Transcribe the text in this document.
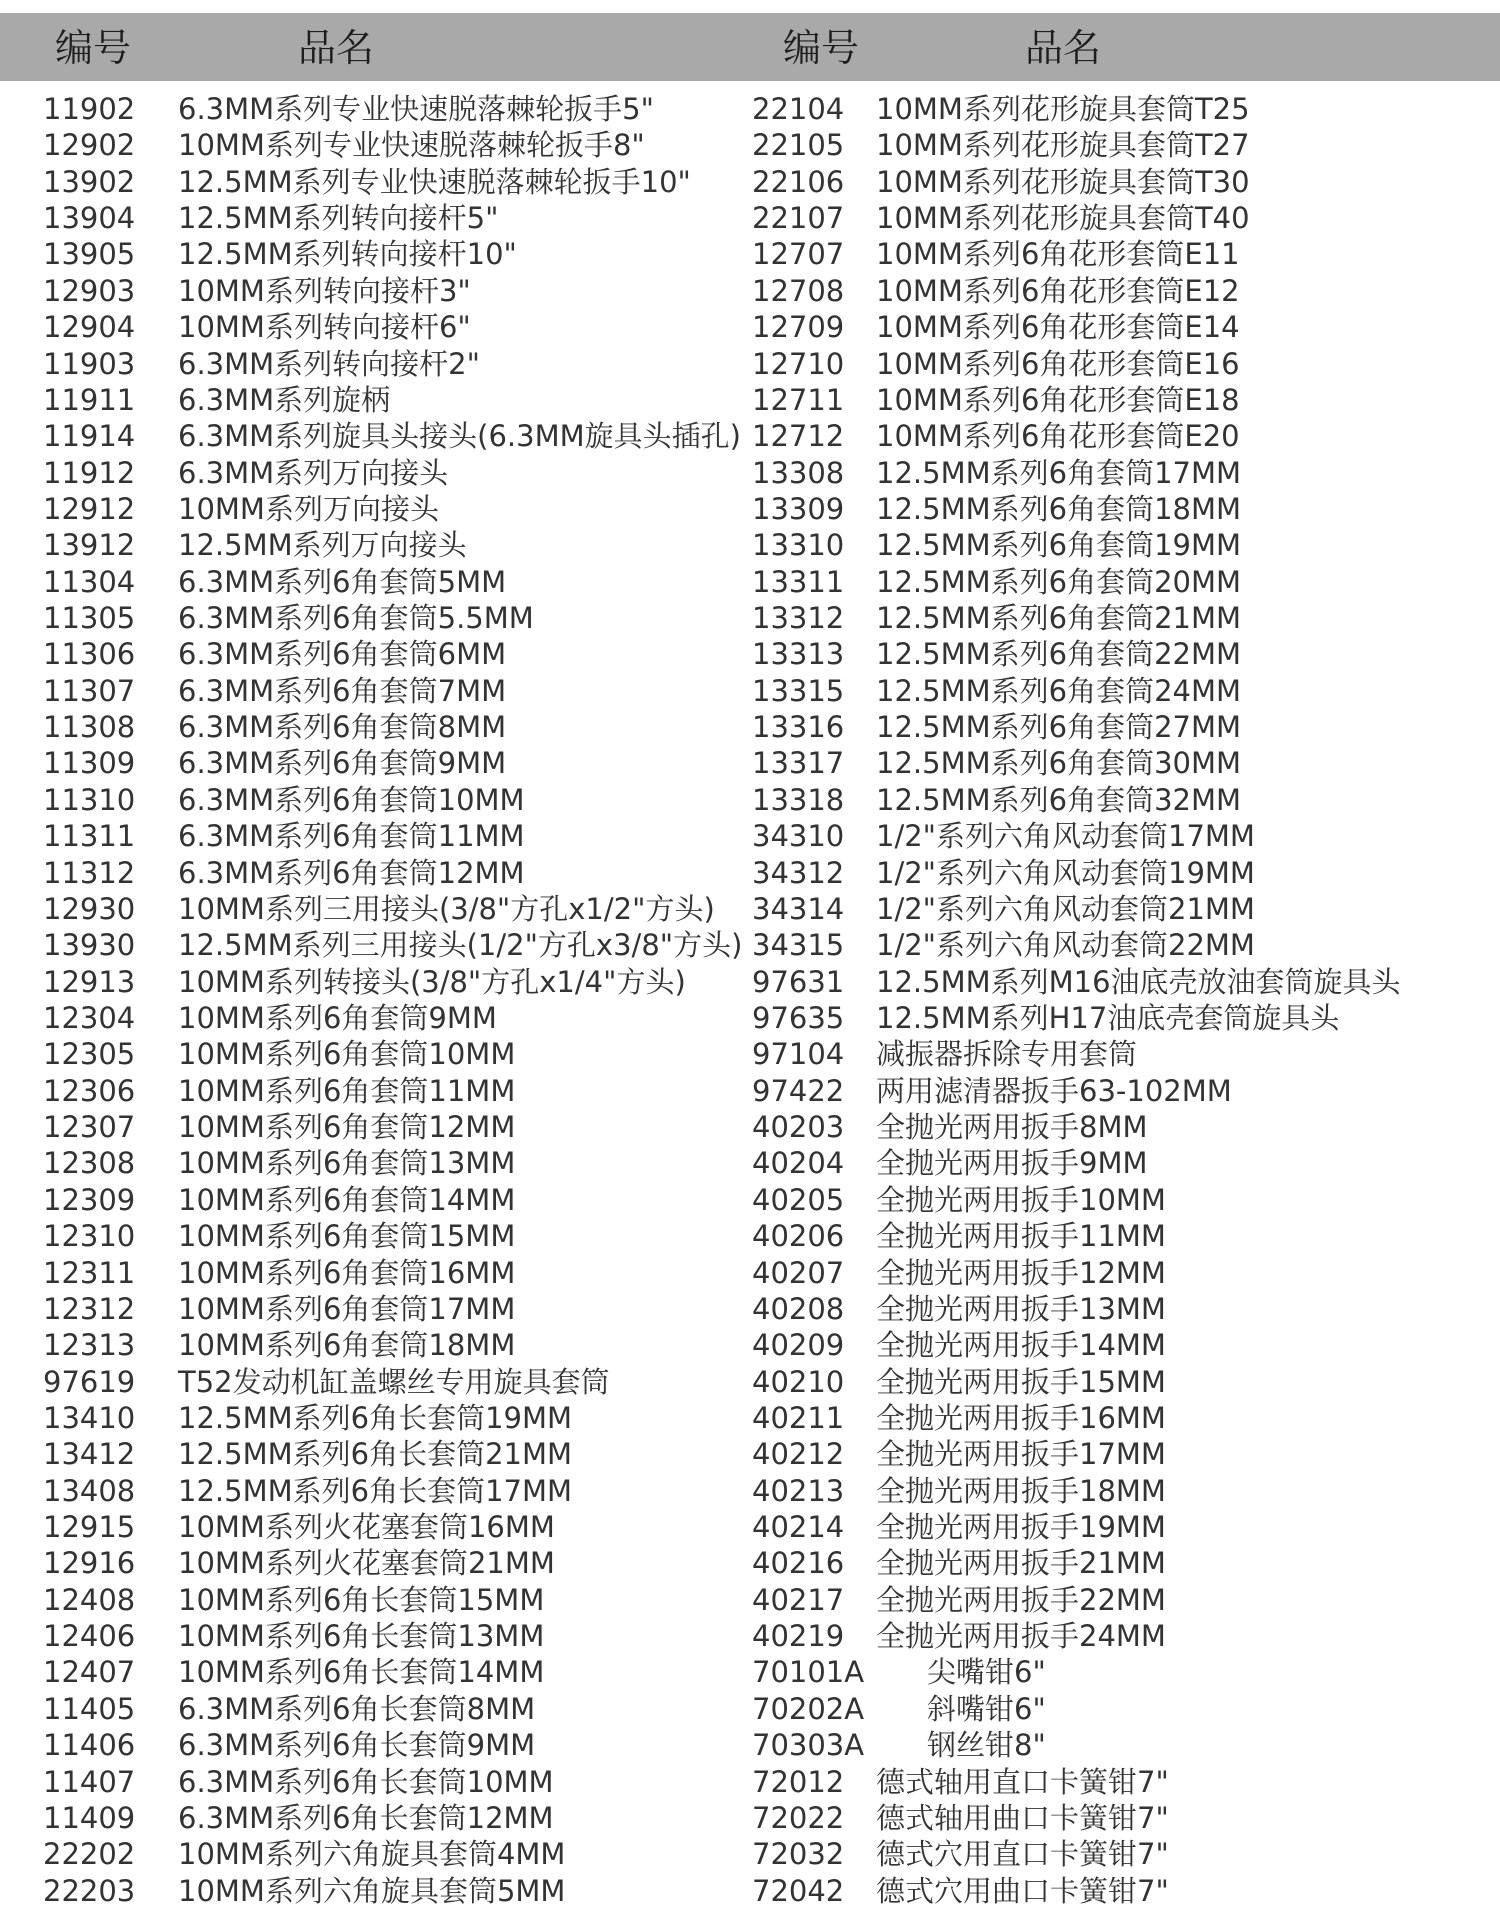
编号	品名	编号	品名
11902 6.3MM系列专业快速脱落棘轮扳手5"	22104 10MM系列花形旋具套筒T25
12902 10MM系列专业快速脱落棘轮扳手8"	22105 10MM系列花形旋具套筒T27
13902 12.5MM系列专业快速脱落棘轮扳手10" 22106 10MM系列花形旋具套筒T30
13904 12.5MM系列转向接杆5"	22107 10MM系列花形旋具套筒T40
13905 12.5MM系列转向接杆10"	12707 10MM系列6角花形套筒E11
12903 10MM系列转向接杆3"	12708 10MM系列6角花形套筒E12
12904 10MM系列转向接杆6"	12709 10MM系列6角花形套筒E14
11903 6.3MM系列转向接杆2"	12710 10MM系列6角花形套筒E16
11911 6.3MM系列旋柄	12711 10MM系列6角花形套筒E18
11914 6.3MM系列旋具头接头(6.3MM旋具头插孔) 12712 10MM系列6角花形套筒E20
11912 6.3MM系列万向接头	13308 12.5MM系列6角套筒17MM
12912 10MM系列万向接头	13309 12.5MM系列6角套筒18MM
13912 12.5MM系列万向接头	13310 12.5MM系列6角套筒19MM
11304 6.3MM系列6角套筒5MM	13311 12.5MM系列6角套筒20MM
11305 6.3MM系列6角套筒5.5MM	13312 12.5MM系列6角套筒21MM
11306 6.3MM系列6角套筒6MM	13313 12.5MM系列6角套筒22MM
11307 6.3MM系列6角套筒7MM	13315 12.5MM系列6角套筒24MM
11308 6.3MM系列6角套筒8MM	13316 12.5MM系列6角套筒27MM
11309 6.3MM系列6角套筒9MM	13317 12.5MM系列6角套筒30MM
11310 6.3MM系列6角套筒10MM	13318 12.5MM系列6角套筒32MM
11311 6.3MM系列6角套筒11MM	34310 1/2"系列六角风动套筒17MM
11312 6.3MM系列6角套筒12MM	34312 1/2"系列六角风动套筒19MM
12930 10MM系列三用接头(3/8"方孔x1/2"方头) 34314 1/2"系列六角风动套筒21MM
13930 12.5MM系列三用接头(1/2"方孔x3/8"方头) 34315 1/2"系列六角风动套筒22MM
12913 10MM系列转接头(3/8"方孔x1/4"方头) 97631 12.5MM系列M16油底壳放油套筒旋具头
12304 10MM系列6角套筒9MM	97635 12.5MM系列H17油底壳套筒旋具头
12305 10MM系列6角套筒10MM	97104 减振器拆除专用套筒
12306 10MM系列6角套筒11MM	97422 两用滤清器扳手63-102MM
12307 10MM系列6角套筒12MM	40203 全抛光两用扳手8MM
12308 10MM系列6角套筒13MM	40204 全抛光两用扳手9MM
12309 10MM系列6角套筒14MM	40205 全抛光两用扳手10MM
12310 10MM系列6角套筒15MM	40206 全抛光两用扳手11MM
12311 10MM系列6角套筒16MM	40207 全抛光两用扳手12MM
12312 10MM系列6角套筒17MM	40208 全抛光两用扳手13MM
12313 10MM系列6角套筒18MM	40209 全抛光两用扳手14MM
97619 T52发动机缸盖螺丝专用旋具套筒	40210 全抛光两用扳手15MM
13410 12.5MM系列6角长套筒19MM	40211 全抛光两用扳手16MM
13412 12.5MM系列6角长套筒21MM	40212 全抛光两用扳手17MM
13408 12.5MM系列6角长套筒17MM	40213 全抛光两用扳手18MM
12915 10MM系列火花塞套筒16MM	40214 全抛光两用扳手19MM
12916 10MM系列火花塞套筒21MM	40216 全抛光两用扳手21MM
12408 10MM系列6角长套筒15MM	40217 全抛光两用扳手22MM
12406 10MM系列6角长套筒13MM	40219 全抛光两用扳手24MM
12407 10MM系列6角长套筒14MM	70101A 尖嘴钳6"
11405 6.3MM系列6角长套筒8MM	70202A 斜嘴钳6"
11406 6.3MM系列6角长套筒9MM	70303A 钢丝钳8"
11407 6.3MM系列6角长套筒10MM	72012 德式轴用直口卡簧钳7"
11409 6.3MM系列6角长套筒12MM	72022 德式轴用曲口卡簧钳7"
22202 10MM系列六角旋具套筒4MM	72032 德式穴用直口卡簧钳7"
22203 10MM系列六角旋具套筒5MM	72042 德式穴用曲口卡簧钳7"
